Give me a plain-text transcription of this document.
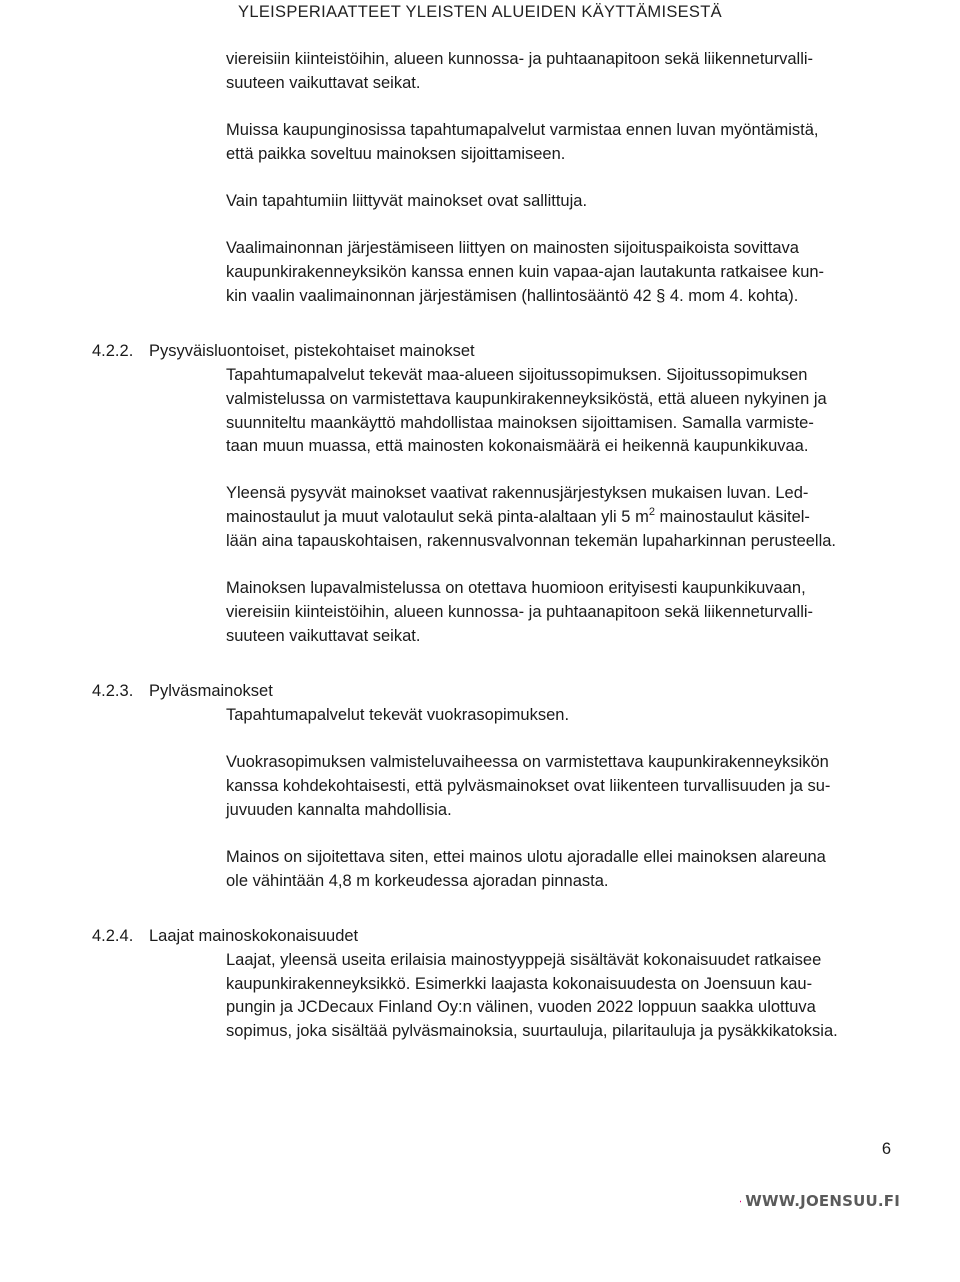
YLEISPERIAATTEET YLEISTEN ALUEIDEN KÄYTTÄMISESTÄ
viereisiin kiinteistöihin, alueen kunnossa- ja puhtaanapitoon sekä liikenneturvalli-
suuteen vaikuttavat seikat.
Muissa kaupunginosissa tapahtumapalvelut varmistaa ennen luvan myöntämistä,
että paikka soveltuu mainoksen sijoittamiseen.
Vain tapahtumiin liittyvät mainokset ovat sallittuja.
Vaalimainonnan järjestämiseen liittyen on mainosten sijoituspaikoista sovittava
kaupunkirakenneyksikön kanssa ennen kuin vapaa-ajan lautakunta ratkaisee kun-
kin vaalin vaalimainonnan järjestämisen (hallintosääntö 42 § 4. mom 4. kohta).
4.2.2. Pysyväisluontoiset, pistekohtaiset mainokset
Tapahtumapalvelut tekevät maa-alueen sijoitussopimuksen. Sijoitussopimuksen
valmistelussa on varmistettava kaupunkirakenneyksiköstä, että alueen nykyinen ja
suunniteltu maankäyttö mahdollistaa mainoksen sijoittamisen. Samalla varmiste-
taan muun muassa, että mainosten kokonaismäärä ei heikennä kaupunkikuvaa.
Yleensä pysyvät mainokset vaativat rakennusjärjestyksen mukaisen luvan. Led-
mainostaulut ja muut valotaulut sekä pinta-alaltaan yli 5 $m^2$ mainostaulut käsitel-
lään aina tapauskohtaisen, rakennusvalvonnan tekemän lupaharkinnan perusteella.
Mainoksen lupavalmistelussa on otettava huomioon erityisesti kaupunkikuvaan,
viereisiin kiinteistöihin, alueen kunnossa- ja puhtaanapitoon sekä liikenneturvalli-
suuteen vaikuttavat seikat.
4.2.3. Pylväsmainokset
Tapahtumapalvelut tekevät vuokrasopimuksen.
Vuokrasopimuksen valmisteluvaiheessa on varmistettava kaupunkirakenneyksikön
kanssa kohdekohtaisesti, että pylväsmainokset ovat liikenteen turvallisuuden ja su-
juvuuden kannalta mahdollisia.
Mainos on sijoitettava siten, ettei mainos ulotu ajoradalle ellei mainoksen alareuna
ole vähintään 4,8 m korkeudessa ajoradan pinnasta.
4.2.4. Laajat mainoskokonaisuudet
Laajat, yleensä useita erilaisia mainostyyppejä sisältävät kokonaisuudet ratkaisee
kaupunkirakenneyksikkö. Esimerkki laajasta kokonaisuudesta on Joensuun kau-
pungin ja JCDecaux Finland Oy:n välinen, vuoden 2022 loppuun saakka ulottuva
sopimus, joka sisältää pylväsmainoksia, suurtauluja, pilaritauluja ja pysäkkikatoksia.
6
WWW.JOENSUU.FI
